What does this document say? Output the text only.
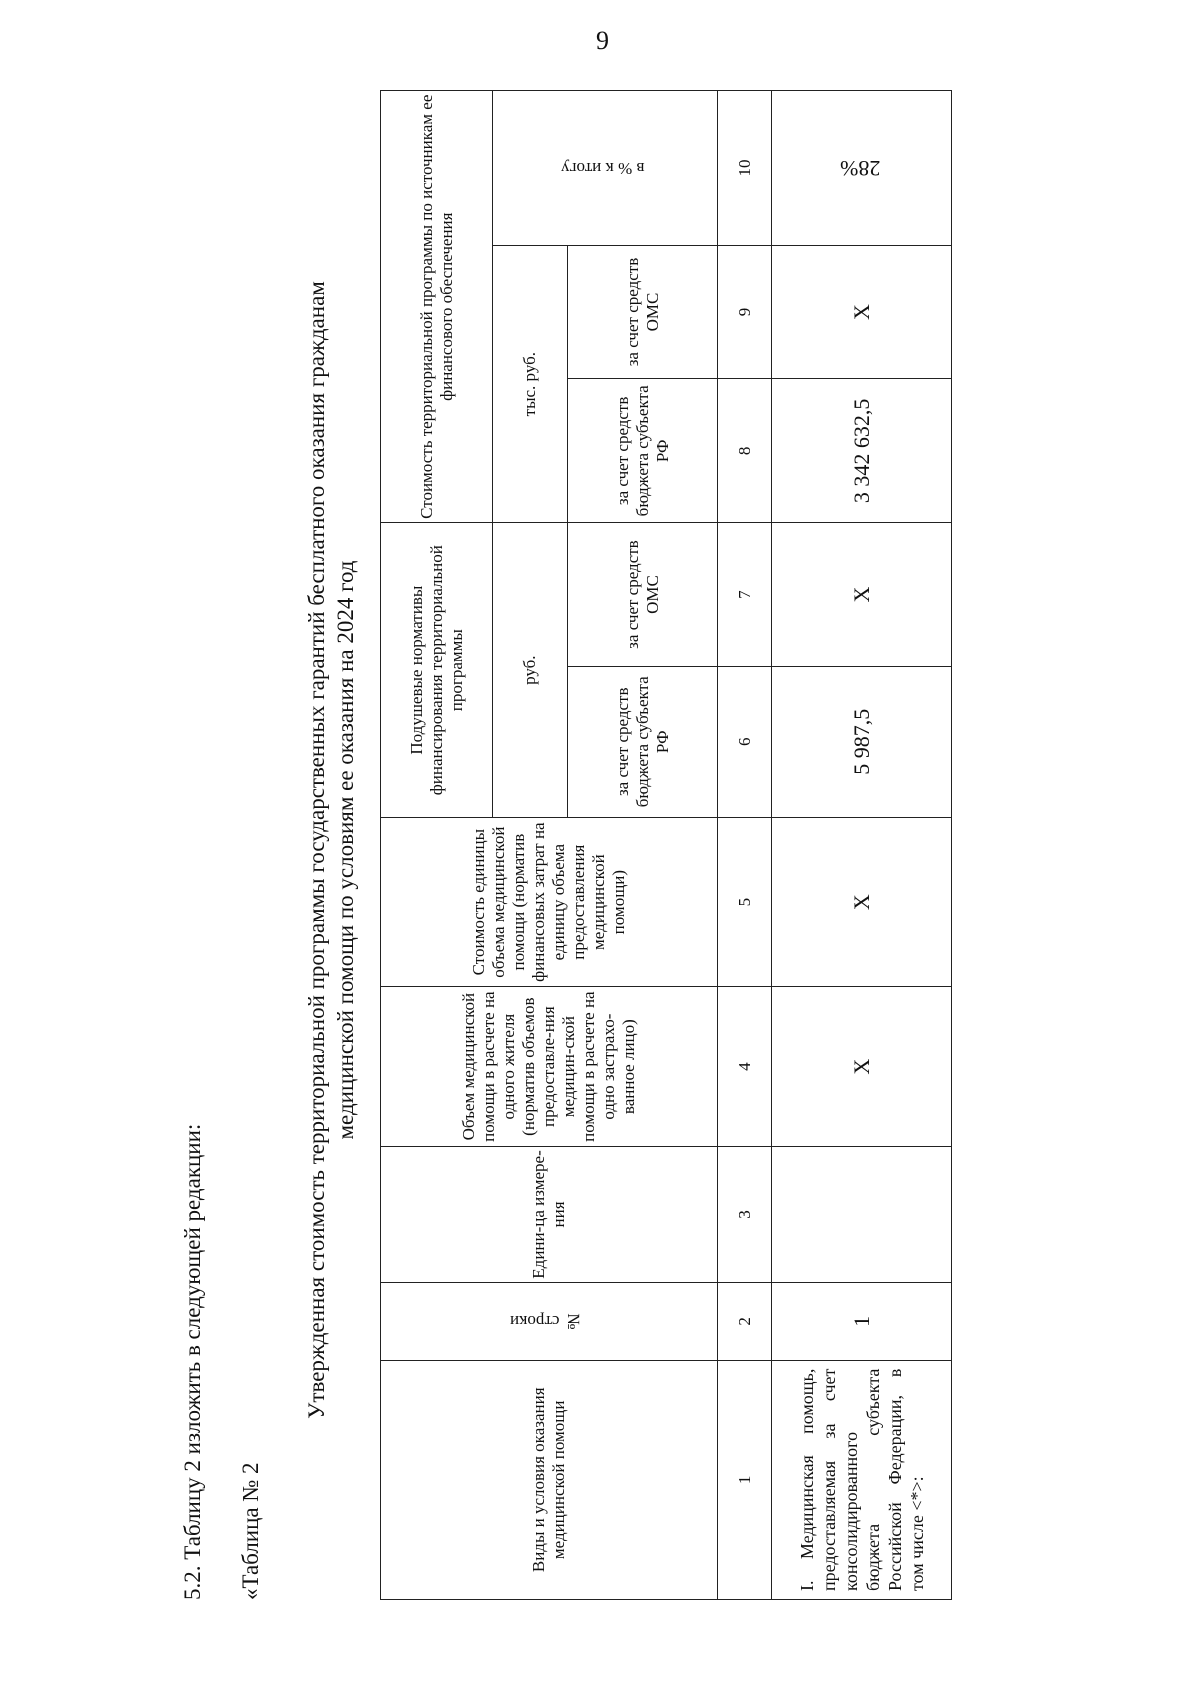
9
5.2. Таблицу 2 изложить в следующей редакции: «Таблица № 2
Утвержденная стоимость территориальной программы государственных гарантий бесплатного оказания гражданам медицинской помощи по условиям ее оказания на 2024 год
Виды и условия оказания медицинской помощи	№ строки	Едини-ца измере-ния	Объем медицинской помощи в расчете на одного жителя (норматив объемов предоставле-ния медицин-ской помощи в расчете на одно застрахо-ванное лицо)	Стоимость единицы объема медицинской помощи (норматив финансовых затрат на единицу объема предоставления медицинской помощи)	Подушевые нормативы финансирования территориальной программы		Стоимость территориальной программы по источникам ее финансового обеспечения		
					руб.		тыс. руб.		в % к итогу
					за счет средств бюджета субъекта РФ	за счет средств ОМС	за счет средств бюджета субъекта РФ	за счет средств ОМС	
1	2	3	4	5	6	7	8	9	10
I. Медицинская помощь, предоставляемая за счет консолидированного бюджета субъекта Российской Федерации, в том числе <*>:	1		Х	Х	5 987,5	Х	3 342 632,5	Х	28%
